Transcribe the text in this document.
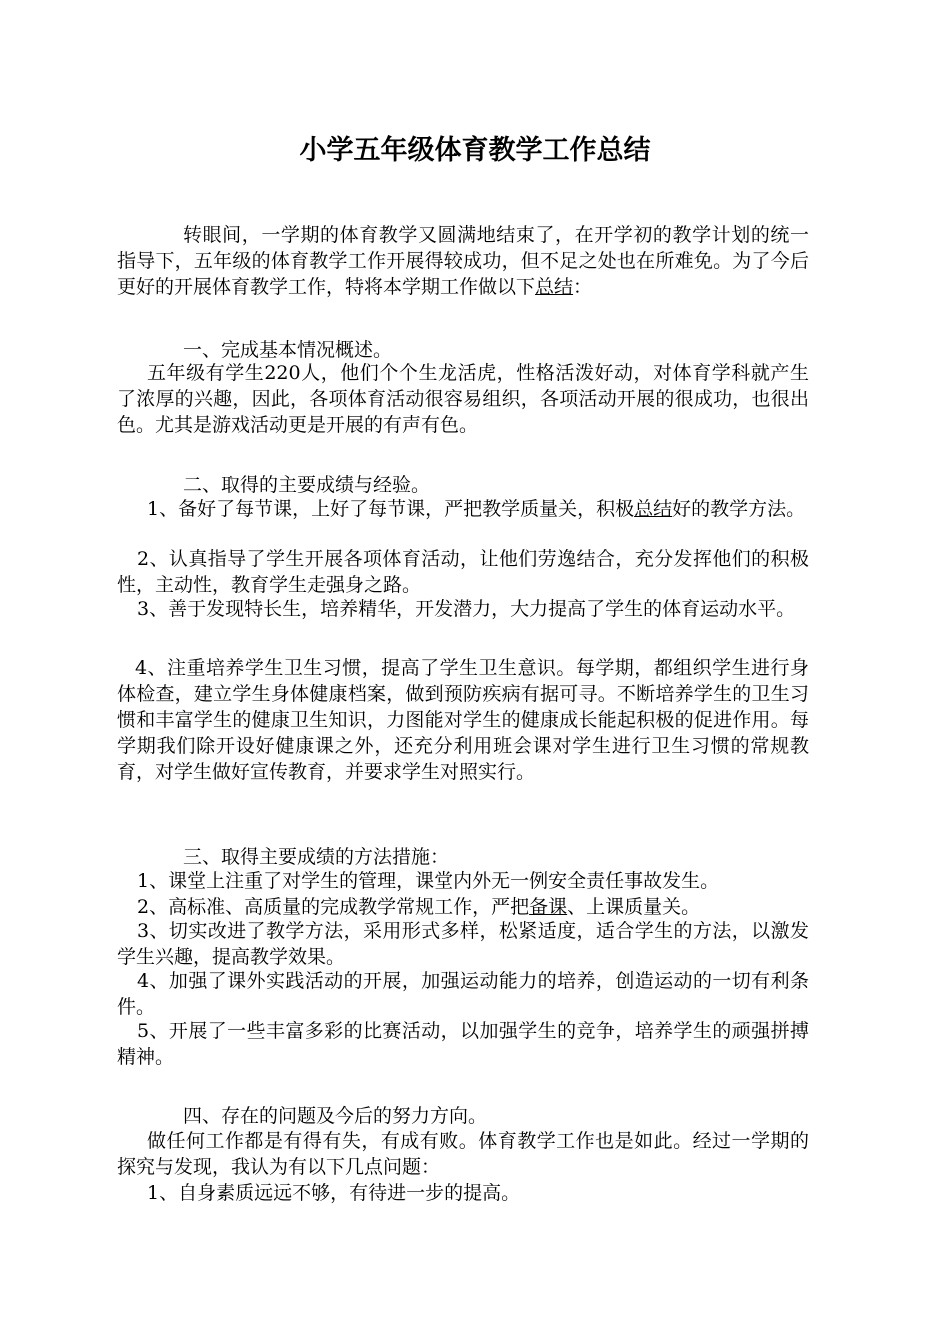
小学五年级体育教学工作总结

转眼间，一学期的体育教学又圆满地结束了，在开学初的教学计划的统一指导下，五年级的体育教学工作开展得较成功，但不足之处也在所难免。为了今后更好的开展体育教学工作，特将本学期工作做以下总结：

一、完成基本情况概述。

五年级有学生220人，他们个个生龙活虎，性格活泼好动，对体育学科就产生了浓厚的兴趣，因此，各项体育活动很容易组织，各项活动开展的很成功，也很出色。尤其是游戏活动更是开展的有声有色。

二、取得的主要成绩与经验。

1、备好了每节课，上好了每节课，严把教学质量关，积极总结好的教学方法。

2、认真指导了学生开展各项体育活动，让他们劳逸结合，充分发挥他们的积极性，主动性，教育学生走强身之路。

3、善于发现特长生，培养精华，开发潜力，大力提高了学生的体育运动水平。

4、注重培养学生卫生习惯，提高了学生卫生意识。每学期，都组织学生进行身体检查，建立学生身体健康档案，做到预防疾病有据可寻。不断培养学生的卫生习惯和丰富学生的健康卫生知识，力图能对学生的健康成长能起积极的促进作用。每学期我们除开设好健康课之外，还充分利用班会课对学生进行卫生习惯的常规教育，对学生做好宣传教育，并要求学生对照实行。

三、取得主要成绩的方法措施：

1、课堂上注重了对学生的管理，课堂内外无一例安全责任事故发生。

2、高标准、高质量的完成教学常规工作，严把备课、上课质量关。

3、切实改进了教学方法，采用形式多样，松紧适度，适合学生的方法，以激发学生兴趣，提高教学效果。

4、加强了课外实践活动的开展，加强运动能力的培养，创造运动的一切有利条件。

5、开展了一些丰富多彩的比赛活动，以加强学生的竞争，培养学生的顽强拼搏精神。

四、存在的问题及今后的努力方向。

做任何工作都是有得有失，有成有败。体育教学工作也是如此。经过一学期的探究与发现，我认为有以下几点问题：

1、自身素质远远不够，有待进一步的提高。
